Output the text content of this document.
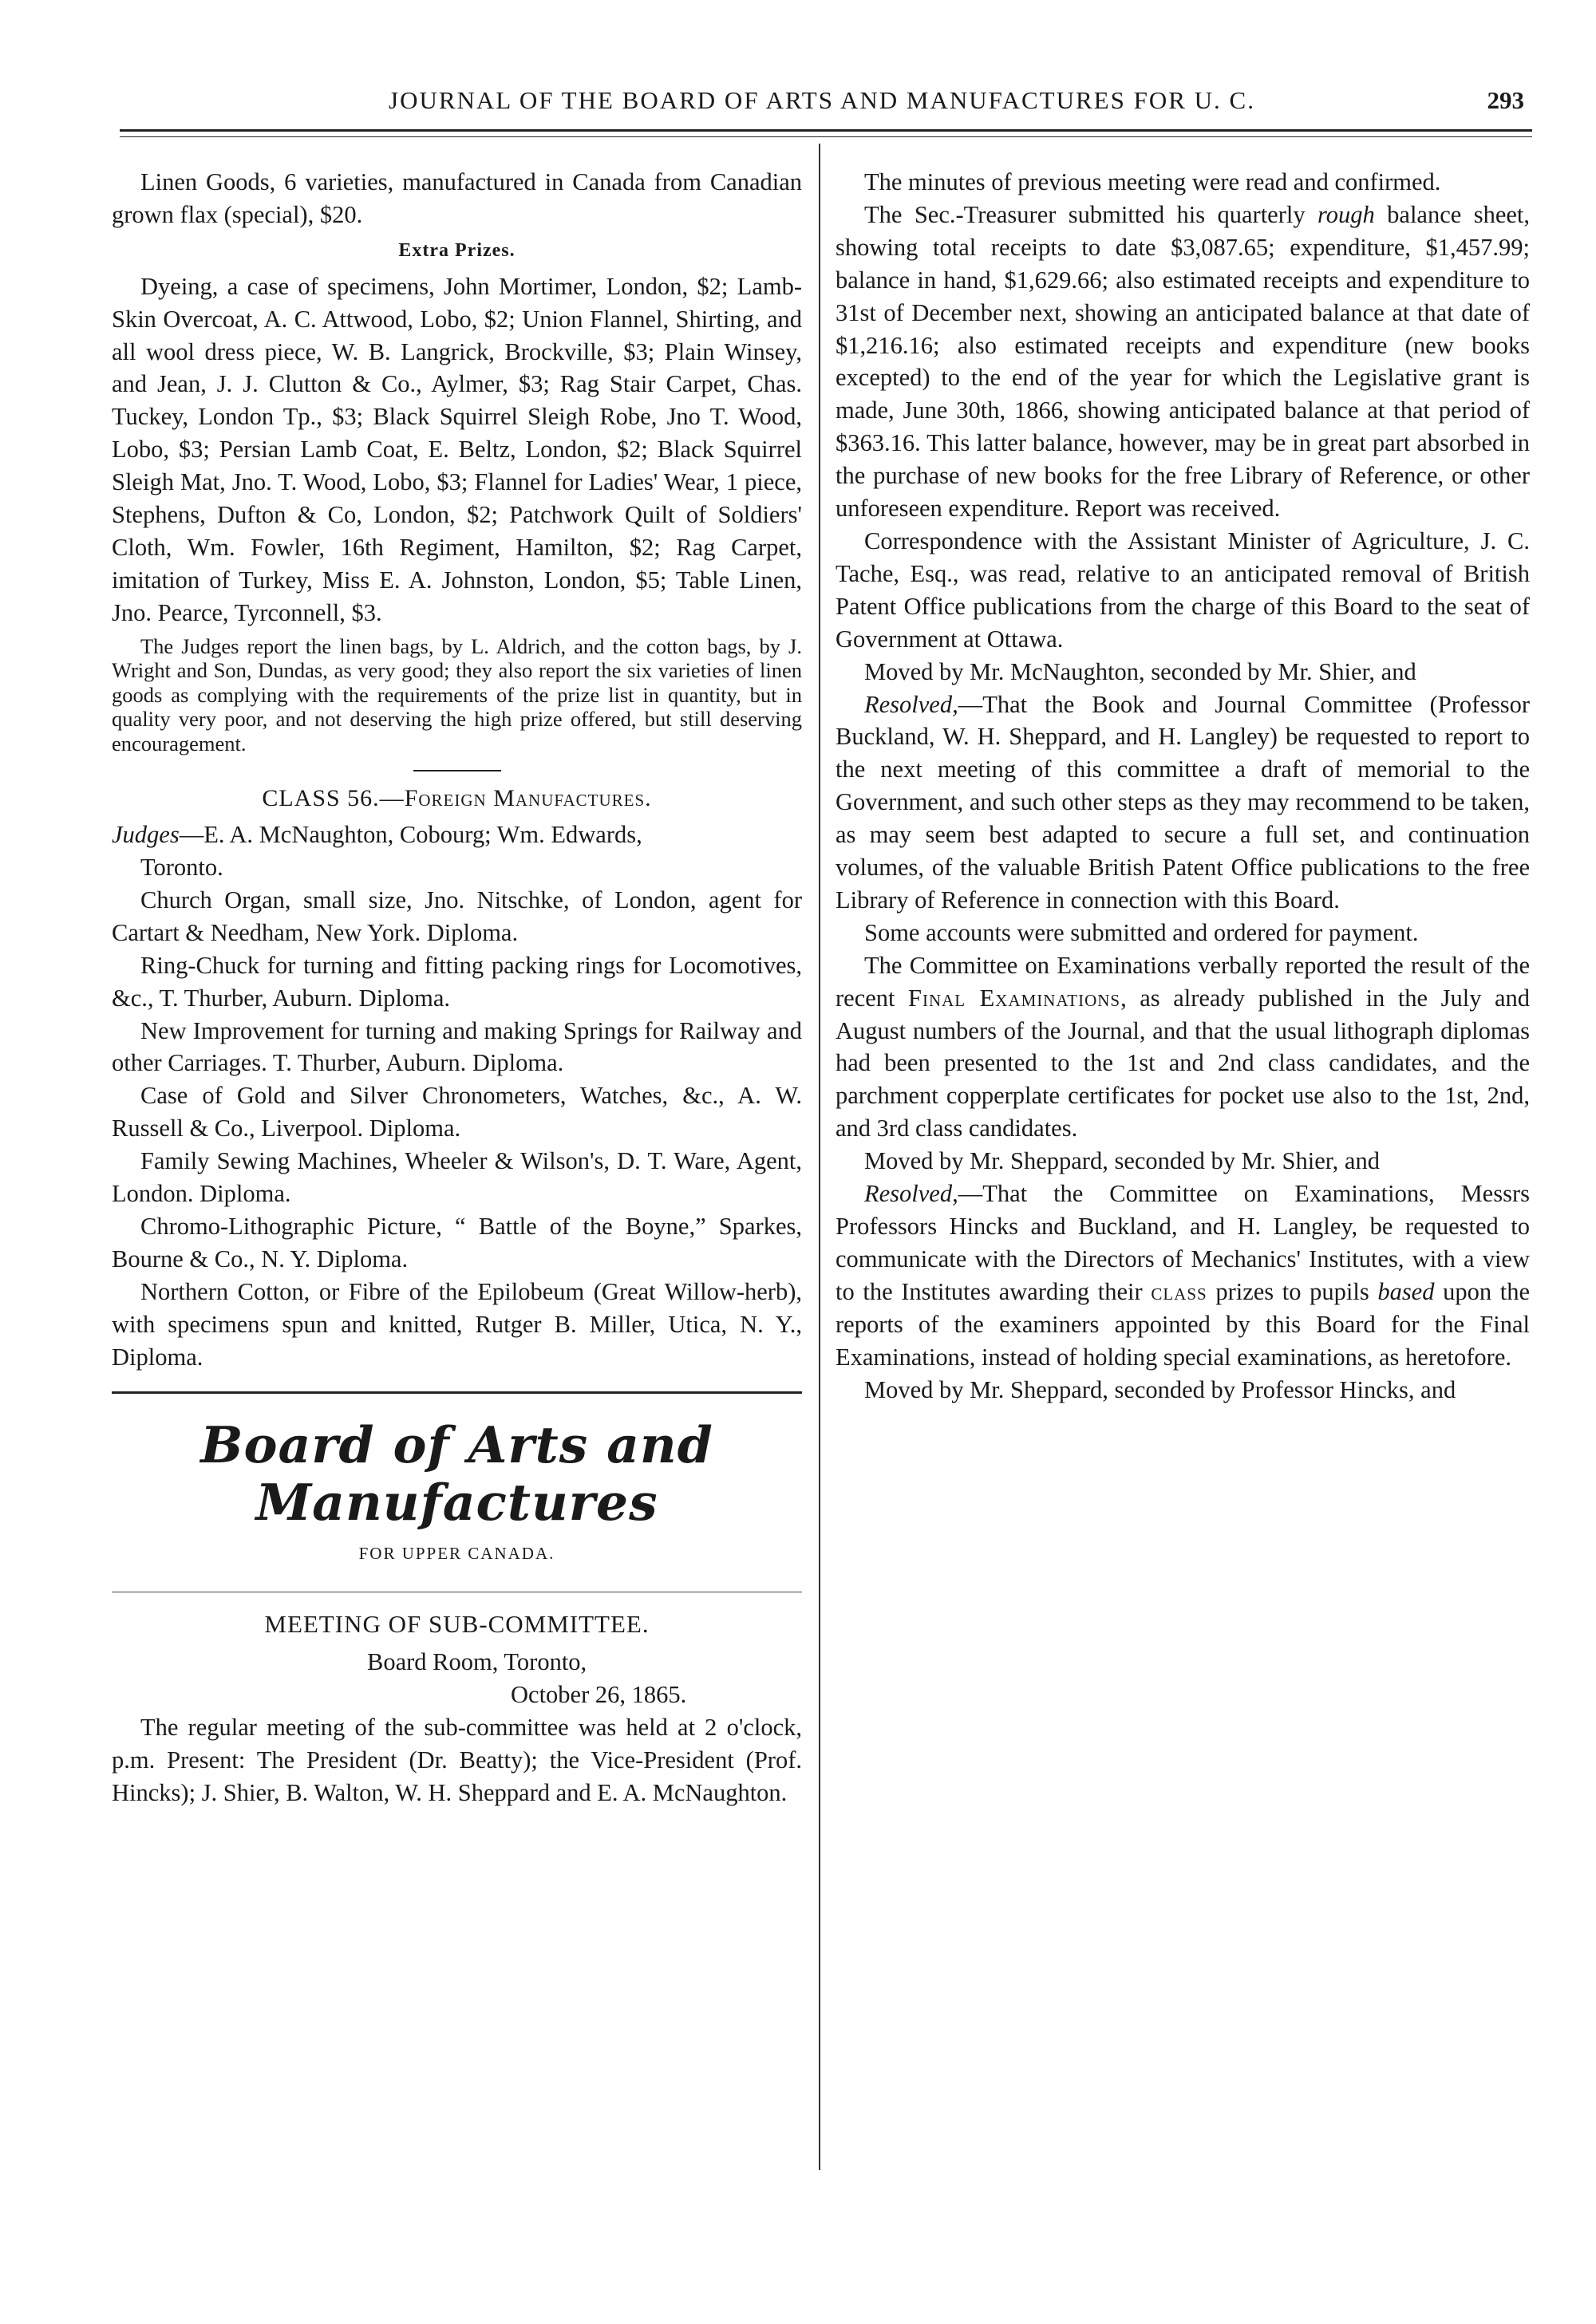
JOURNAL OF THE BOARD OF ARTS AND MANUFACTURES FOR U. C.	293

Linen Goods, 6 varieties, manufactured in Canada from Canadian grown flax (special), $20.

Extra Prizes.

Dyeing, a case of specimens, John Mortimer, London, $2; Lamb-Skin Overcoat, A. C. Attwood, Lobo, $2; Union Flannel, Shirting, and all wool dress piece, W. B. Langrick, Brockville, $3; Plain Winsey, and Jean, J. J. Clutton & Co., Aylmer, $3; Rag Stair Carpet, Chas. Tuckey, London Tp., $3; Black Squirrel Sleigh Robe, Jno T. Wood, Lobo, $3; Persian Lamb Coat, E. Beltz, London, $2; Black Squirrel Sleigh Mat, Jno. T. Wood, Lobo, $3; Flannel for Ladies' Wear, 1 piece, Stephens, Dufton & Co, London, $2; Patchwork Quilt of Soldiers' Cloth, Wm. Fowler, 16th Regiment, Hamilton, $2; Rag Carpet, imitation of Turkey, Miss E. A. Johnston, London, $5; Table Linen, Jno. Pearce, Tyrconnell, $3.

The Judges report the linen bags, by L. Aldrich, and the cotton bags, by J. Wright and Son, Dundas, as very good; they also report the six varieties of linen goods as complying with the requirements of the prize list in quantity, but in quality very poor, and not deserving the high prize offered, but still deserving encouragement.

CLASS 56.—Foreign Manufactures.

Judges—E. A. McNaughton, Cobourg; Wm. Edwards,

Toronto.

Church Organ, small size, Jno. Nitschke, of London, agent for Cartart & Needham, New York. Diploma.

Ring-Chuck for turning and fitting packing rings for Locomotives, &c., T. Thurber, Auburn. Diploma.

New Improvement for turning and making Springs for Railway and other Carriages. T. Thurber, Auburn. Diploma.

Case of Gold and Silver Chronometers, Watches, &c., A. W. Russell & Co., Liverpool. Diploma.

Family Sewing Machines, Wheeler & Wilson's, D. T. Ware, Agent, London. Diploma.

Chromo-Lithographic Picture, “ Battle of the Boyne,” Sparkes, Bourne & Co., N. Y. Diploma.

Northern Cotton, or Fibre of the Epilobeum (Great Willow-herb), with specimens spun and knitted, Rutger B. Miller, Utica, N. Y., Diploma.

Board of Arts and Manufactures
FOR UPPER CANADA.
MEETING OF SUB-COMMITTEE.

Board Room, Toronto,

October 26, 1865.

The regular meeting of the sub-committee was held at 2 o'clock, p.m. Present: The President (Dr. Beatty); the Vice-President (Prof. Hincks); J. Shier, B. Walton, W. H. Sheppard and E. A. McNaughton.

The minutes of previous meeting were read and confirmed.

The Sec.-Treasurer submitted his quarterly rough balance sheet, showing total receipts to date $3,087.65; expenditure, $1,457.99; balance in hand, $1,629.66; also estimated receipts and expenditure to 31st of December next, showing an anticipated balance at that date of $1,216.16; also estimated receipts and expenditure (new books excepted) to the end of the year for which the Legislative grant is made, June 30th, 1866, showing anticipated balance at that period of $363.16. This latter balance, however, may be in great part absorbed in the purchase of new books for the free Library of Reference, or other unforeseen expenditure. Report was received.

Correspondence with the Assistant Minister of Agriculture, J. C. Tache, Esq., was read, relative to an anticipated removal of British Patent Office publications from the charge of this Board to the seat of Government at Ottawa.

Moved by Mr. McNaughton, seconded by Mr. Shier, and

Resolved,—That the Book and Journal Committee (Professor Buckland, W. H. Sheppard, and H. Langley) be requested to report to the next meeting of this committee a draft of memorial to the Government, and such other steps as they may recommend to be taken, as may seem best adapted to secure a full set, and continuation volumes, of the valuable British Patent Office publications to the free Library of Reference in connection with this Board.

Some accounts were submitted and ordered for payment.

The Committee on Examinations verbally reported the result of the recent Final Examinations, as already published in the July and August numbers of the Journal, and that the usual lithograph diplomas had been presented to the 1st and 2nd class candidates, and the parchment copperplate certificates for pocket use also to the 1st, 2nd, and 3rd class candidates.

Moved by Mr. Sheppard, seconded by Mr. Shier, and

Resolved,—That the Committee on Examinations, Messrs Professors Hincks and Buckland, and H. Langley, be requested to communicate with the Directors of Mechanics' Institutes, with a view to the Institutes awarding their class prizes to pupils based upon the reports of the examiners appointed by this Board for the Final Examinations, instead of holding special examinations, as heretofore.

Moved by Mr. Sheppard, seconded by Professor Hincks, and
